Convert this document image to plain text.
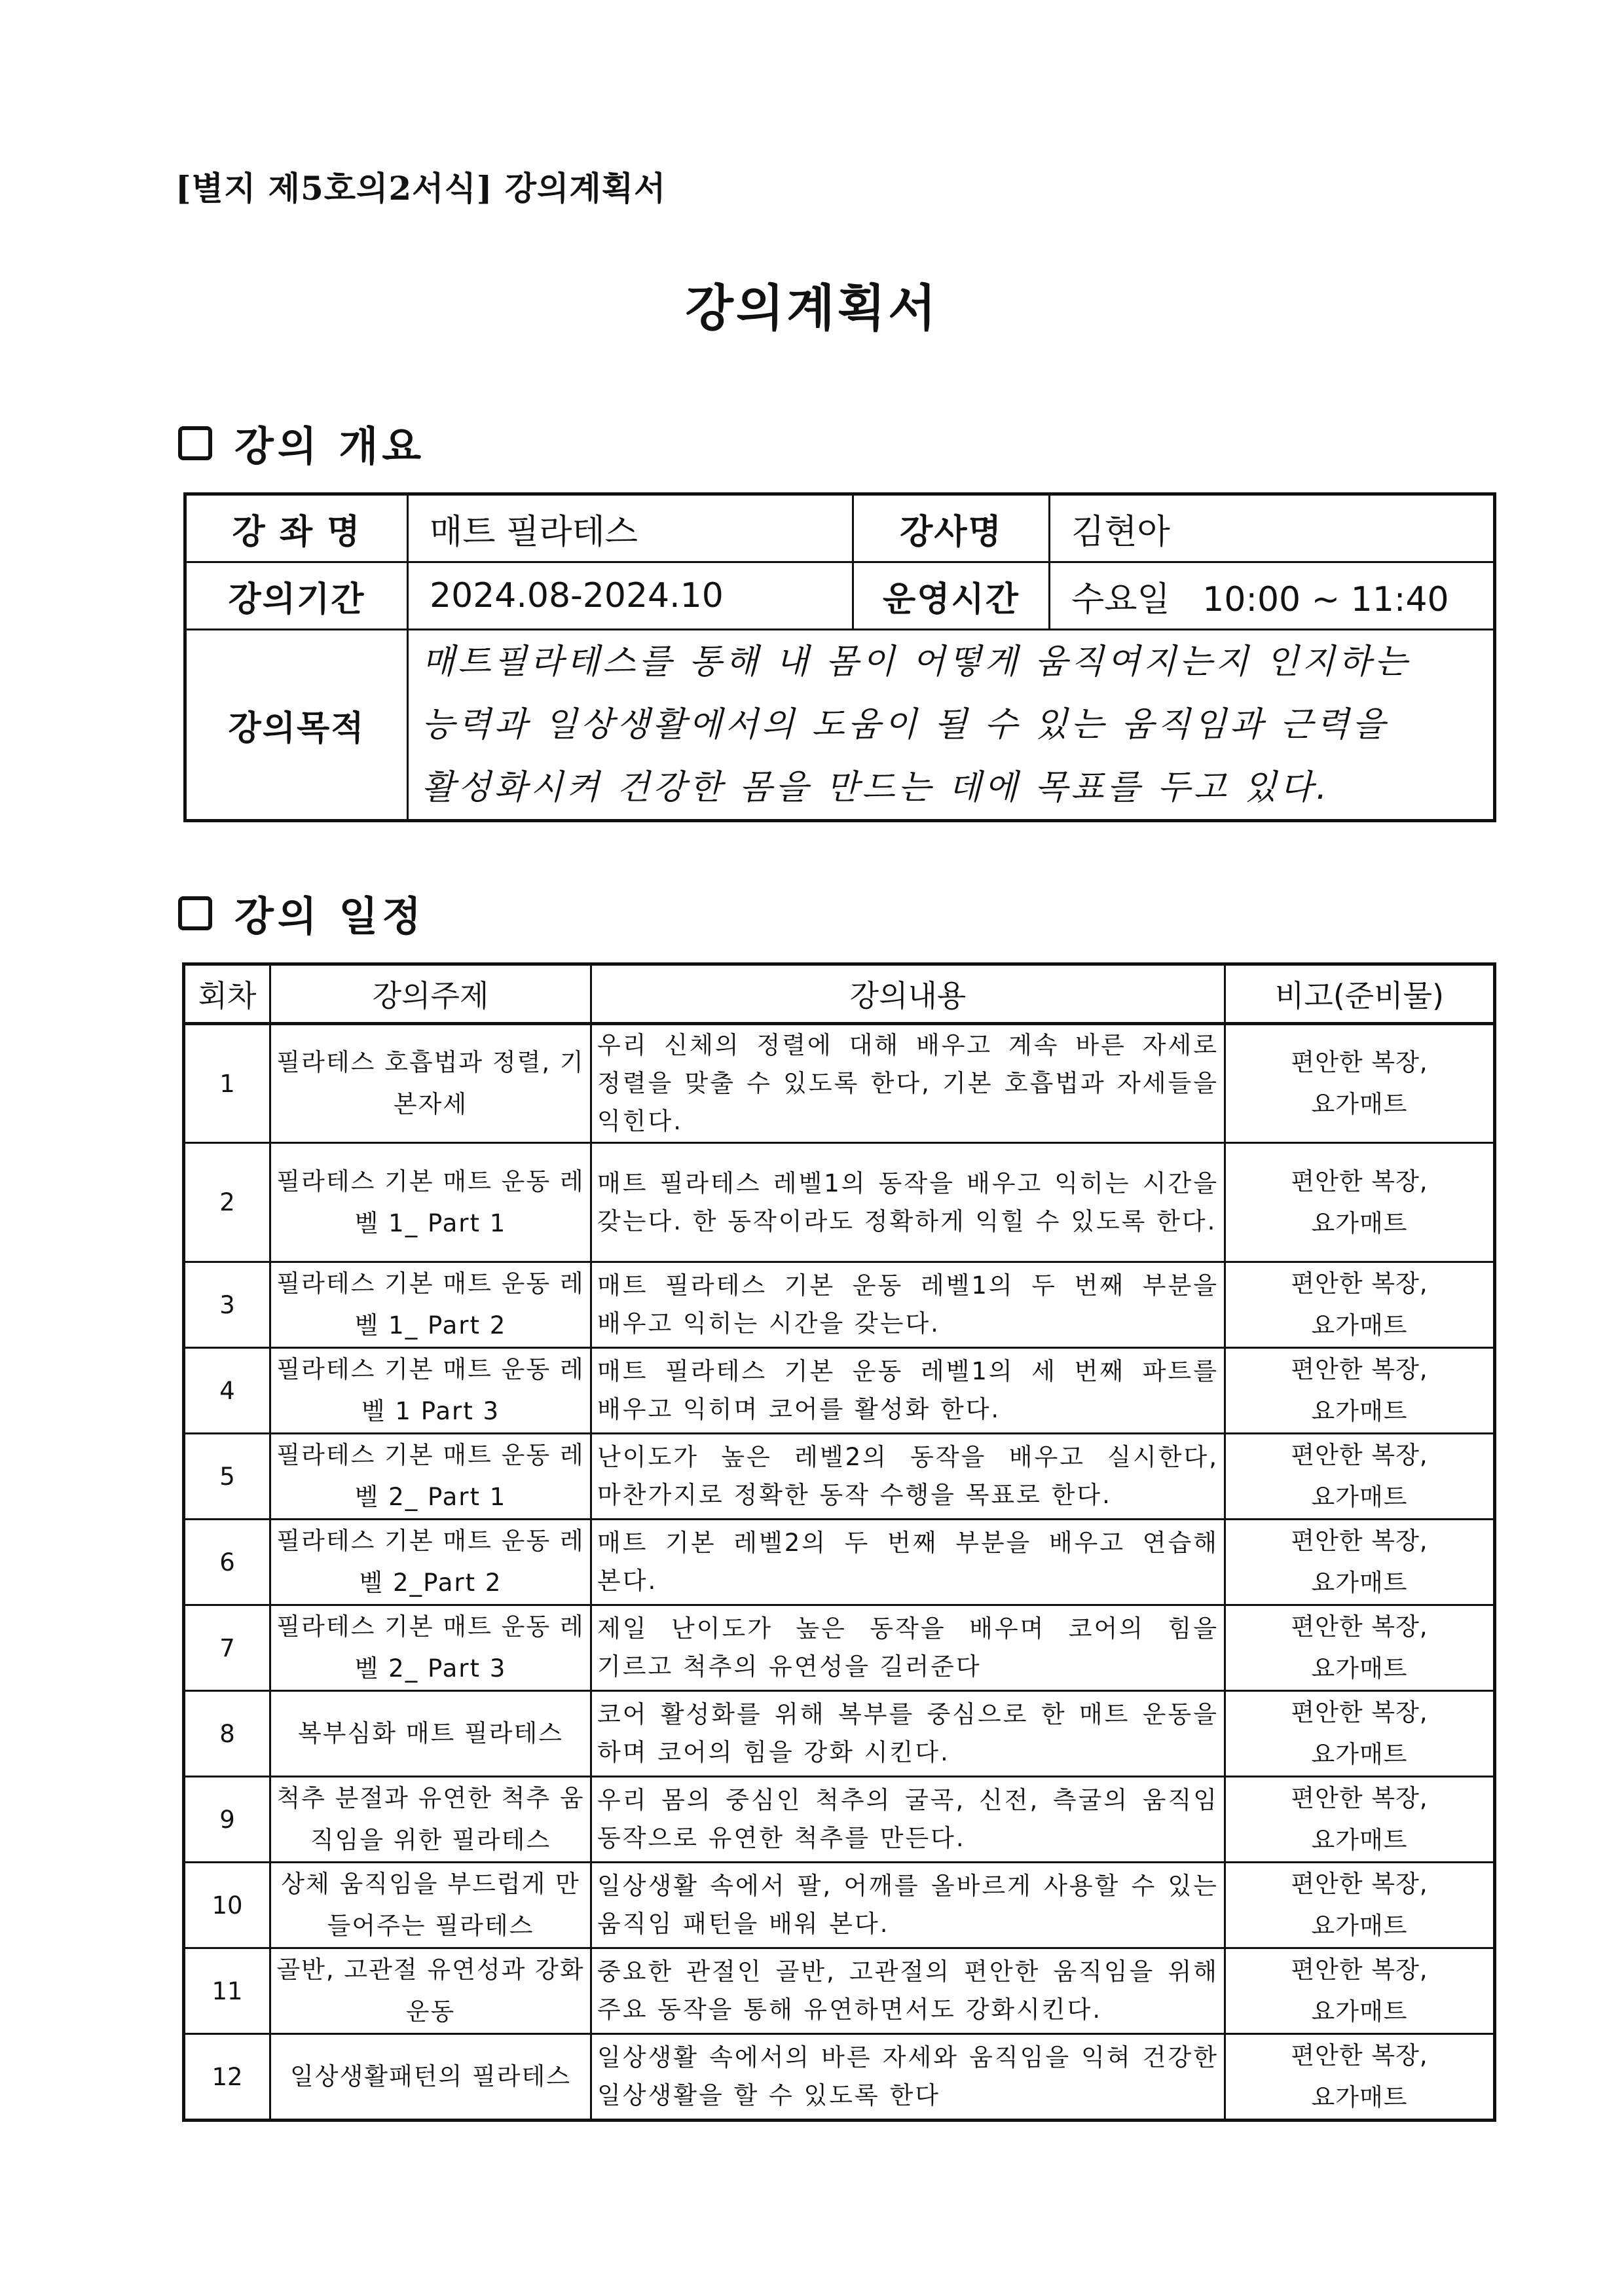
[별지 제5호의2서식] 강의계획서
강의계획서
강의 개요
강 좌 명	매트 필라테스	강사명	김현아
강의기간	2024.08-2024.10	운영시간	수요일   10:00 ~ 11:40
강의목적	매트필라테스를 통해 내 몸이 어떻게 움직여지는지 인지하는 능력과 일상생활에서의 도움이 될 수 있는 움직임과 근력을 활성화시켜 건강한 몸을 만드는 데에 목표를 두고 있다.		
강의 일정
회차	강의주제	강의내용	비고(준비물)
1	필라테스 호흡법과 정렬, 기본자세	우리 신체의 정렬에 대해 배우고 계속 바른 자세로 정렬을 맞출 수 있도록 한다, 기본 호흡법과 자세들을 익힌다.	편안한 복장,
요가매트
2	필라테스 기본 매트 운동 레벨 1_ Part 1	매트 필라테스 레벨1의 동작을 배우고 익히는 시간을 갖는다. 한 동작이라도 정확하게 익힐 수 있도록 한다.	편안한 복장,
요가매트
3	필라테스 기본 매트 운동 레벨 1_ Part 2	매트 필라테스 기본 운동 레벨1의 두 번째 부분을 배우고 익히는 시간을 갖는다.	편안한 복장,
요가매트
4	필라테스 기본 매트 운동 레벨 1 Part 3	매트 필라테스 기본 운동 레벨1의 세 번째 파트를 배우고 익히며 코어를 활성화 한다.	편안한 복장,
요가매트
5	필라테스 기본 매트 운동 레벨 2_ Part 1	난이도가 높은 레벨2의 동작을 배우고 실시한다, 마찬가지로 정확한 동작 수행을 목표로 한다.	편안한 복장,
요가매트
6	필라테스 기본 매트 운동 레벨 2_Part 2	매트 기본 레벨2의 두 번째 부분을 배우고 연습해 본다.	편안한 복장,
요가매트
7	필라테스 기본 매트 운동 레벨 2_ Part 3	제일 난이도가 높은 동작을 배우며 코어의 힘을 기르고 척추의 유연성을 길러준다	편안한 복장,
요가매트
8	복부심화 매트 필라테스	코어 활성화를 위해 복부를 중심으로 한 매트 운동을 하며 코어의 힘을 강화 시킨다.	편안한 복장,
요가매트
9	척추 분절과 유연한 척추 움직임을 위한 필라테스	우리 몸의 중심인 척추의 굴곡, 신전, 측굴의 움직임 동작으로 유연한 척추를 만든다.	편안한 복장,
요가매트
10	상체 움직임을 부드럽게 만들어주는 필라테스	일상생활 속에서 팔, 어깨를 올바르게 사용할 수 있는 움직임 패턴을 배워 본다.	편안한 복장,
요가매트
11	골반, 고관절 유연성과 강화 운동	중요한 관절인 골반, 고관절의 편안한 움직임을 위해 주요 동작을 통해 유연하면서도 강화시킨다.	편안한 복장,
요가매트
12	일상생활패턴의 필라테스	일상생활 속에서의 바른 자세와 움직임을 익혀 건강한 일상생활을 할 수 있도록 한다	편안한 복장,
요가매트
